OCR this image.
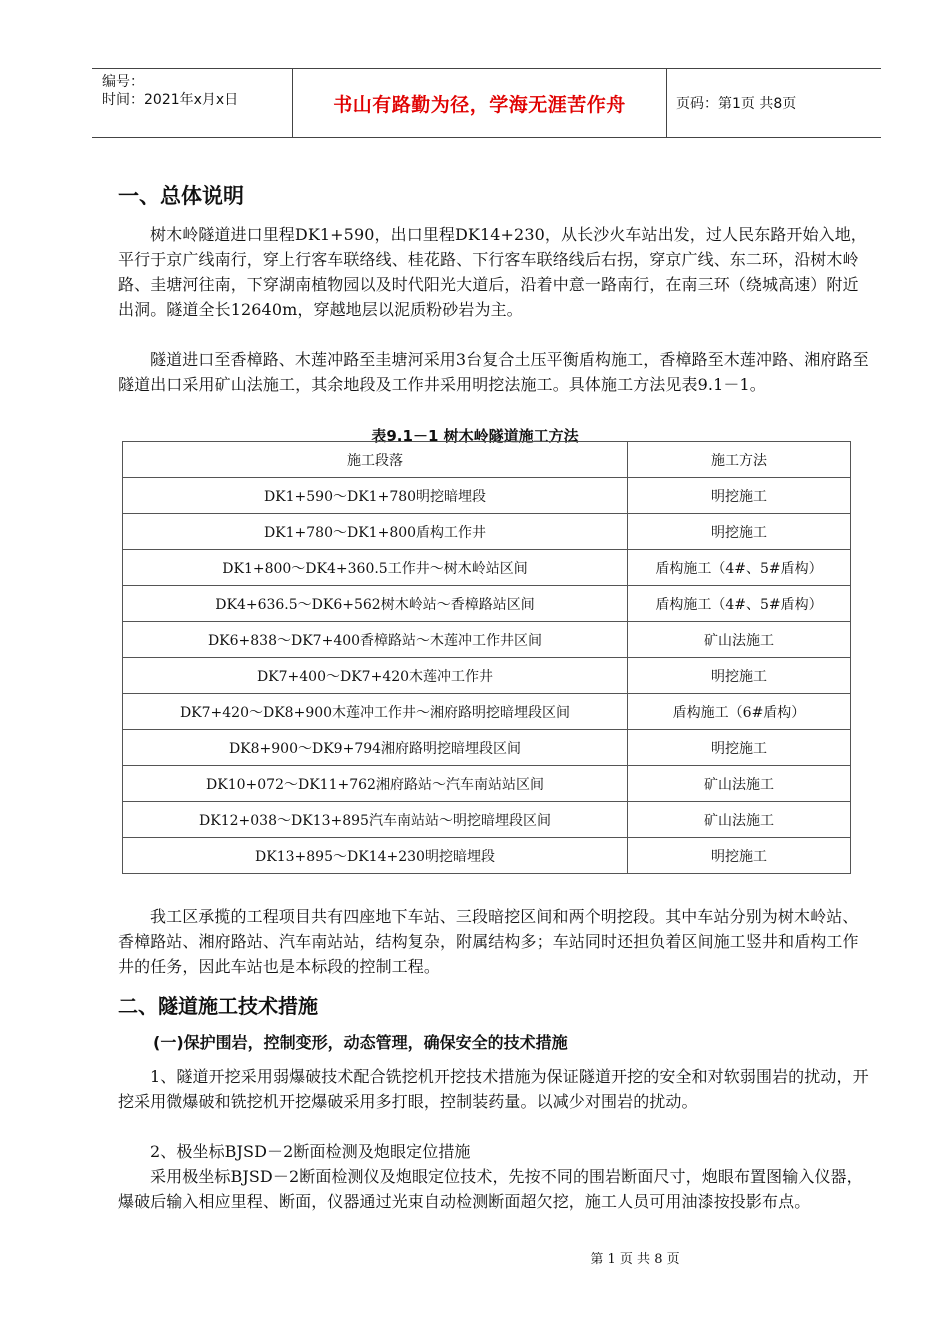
编号：
时间：2021年x月x日	书山有路勤为径，学海无涯苦作舟	页码：第1页 共8页
一、总体说明

树木岭隧道进口里程DK1+590，出口里程DK14+230，从长沙火车站出发，过人民东路开始入地，平行于京广线南行，穿上行客车联络线、桂花路、下行客车联络线后右拐，穿京广线、东二环，沿树木岭路、圭塘河往南，下穿湖南植物园以及时代阳光大道后，沿着中意一路南行，在南三环（绕城高速）附近出洞。隧道全长12640m，穿越地层以泥质粉砂岩为主。

隧道进口至香樟路、木莲冲路至圭塘河采用3台复合土压平衡盾构施工，香樟路至木莲冲路、湘府路至隧道出口采用矿山法施工，其余地段及工作井采用明挖法施工。具体施工方法见表9.1－1。

表9.1－1 树木岭隧道施工方法
施工段落	施工方法
DK1+590～DK1+780明挖暗埋段	明挖施工
DK1+780～DK1+800盾构工作井	明挖施工
DK1+800～DK4+360.5工作井～树木岭站区间	盾构施工（4#、5#盾构）
DK4+636.5～DK6+562树木岭站～香樟路站区间	盾构施工（4#、5#盾构）
DK6+838～DK7+400香樟路站～木莲冲工作井区间	矿山法施工
DK7+400～DK7+420木莲冲工作井	明挖施工
DK7+420～DK8+900木莲冲工作井～湘府路明挖暗埋段区间	盾构施工（6#盾构）
DK8+900～DK9+794湘府路明挖暗埋段区间	明挖施工
DK10+072～DK11+762湘府路站～汽车南站站区间	矿山法施工
DK12+038～DK13+895汽车南站站～明挖暗埋段区间	矿山法施工
DK13+895～DK14+230明挖暗埋段	明挖施工

我工区承揽的工程项目共有四座地下车站、三段暗挖区间和两个明挖段。其中车站分别为树木岭站、香樟路站、湘府路站、汽车南站站，结构复杂，附属结构多；车站同时还担负着区间施工竖井和盾构工作井的任务，因此车站也是本标段的控制工程。

二、隧道施工技术措施
(一)保护围岩，控制变形，动态管理，确保安全的技术措施

1、隧道开挖采用弱爆破技术配合铣挖机开挖技术措施为保证隧道开挖的安全和对软弱围岩的扰动，开挖采用微爆破和铣挖机开挖爆破采用多打眼，控制装药量。以减少对围岩的扰动。

2、极坐标BJSD－2断面检测及炮眼定位措施

采用极坐标BJSD－2断面检测仪及炮眼定位技术，先按不同的围岩断面尺寸，炮眼布置图输入仪器，爆破后输入相应里程、断面，仪器通过光束自动检测断面超欠挖，施工人员可用油漆按投影布点。

第 1 页 共 8 页
